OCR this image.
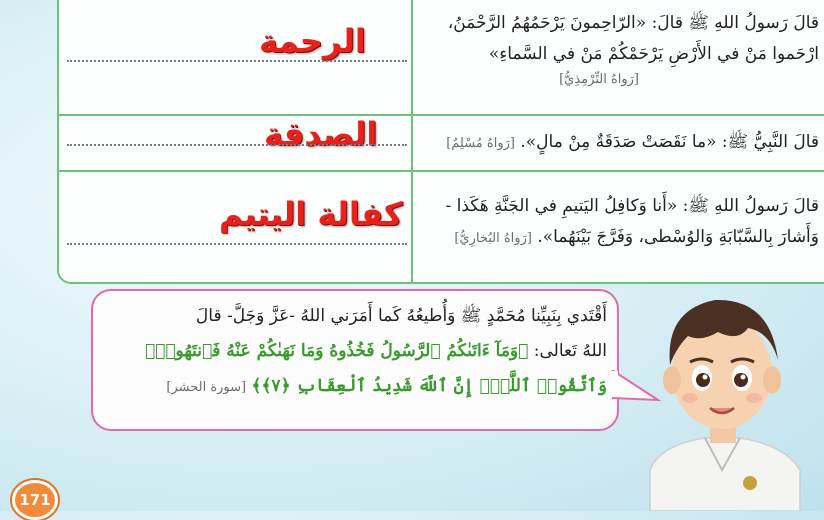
الرحمة	قالَ رَسولُ اللهِ ﷺ قالَ: «الرّاحِمونَ يَرْحَمُهُمُ الرَّحْمَنُ،
ارْحَموا مَنْ في الأَرْضِ يَرْحَمْكُمْ مَنْ في السَّماءِ»
[رَواهُ التِّرْمِذِيُّ]
الصدقة	قالَ النَّبِيُّ ﷺ: «ما نَقَصَتْ صَدَقَةٌ مِنْ مالٍ». [رَواهُ مُسْلِمٌ]
كفالة اليتيم	قالَ رَسولُ اللهِ ﷺ: «أَنا وَكافِلُ اليَتيمِ في الجَنَّةِ هَكَذا -
وَأَشارَ بِالسَّبّابَةِ وَالوُسْطى، وَفَرَّجَ بَيْنَهُما». [رَواهُ البُخارِيُّ]
أَقْتَدي بِنَبِيِّنا مُحَمَّدٍ ﷺ وَأُطيعُهُ كَما أَمَرَني اللهُ -عَزَّ وَجَلَّ- قالَ
اللهُ تَعالى: ﴿وَمَآ ءَاتَىٰكُمُ ٱلرَّسُولُ فَخُذُوهُ وَمَا نَهَىٰكُمْ عَنْهُ فَٱنتَهُوا۟ۚ
وَٱتَّقُوا۟ ٱللَّهَۖ إِنَّ ٱللَّهَ شَدِيدُ ٱلْعِقَابِ ﴿٧﴾﴾ [سورة الحشر]
171
